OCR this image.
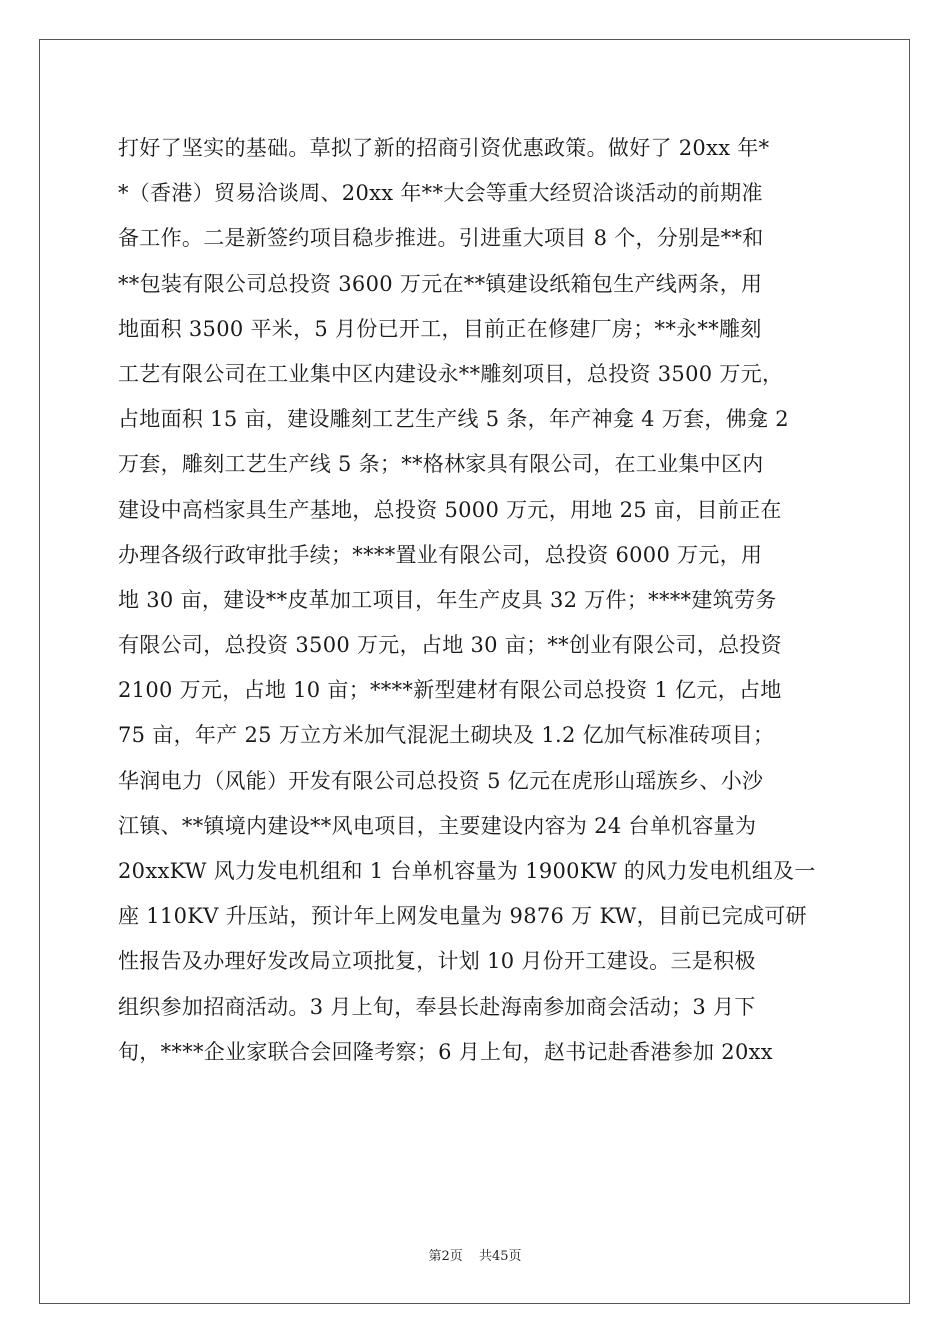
打好了坚实的基础。草拟了新的招商引资优惠政策。做好了 20xx 年*
*（香港）贸易洽谈周、20xx 年**大会等重大经贸洽谈活动的前期准
备工作。二是新签约项目稳步推进。引进重大项目 8 个，分别是**和
**包装有限公司总投资 3600 万元在**镇建设纸箱包生产线两条，用
地面积 3500 平米，5 月份已开工，目前正在修建厂房；**永**雕刻
工艺有限公司在工业集中区内建设永**雕刻项目，总投资 3500 万元，
占地面积 15 亩，建设雕刻工艺生产线 5 条，年产神龛 4 万套，佛龛 2
万套，雕刻工艺生产线 5 条；**格林家具有限公司，在工业集中区内
建设中高档家具生产基地，总投资 5000 万元，用地 25 亩，目前正在
办理各级行政审批手续；****置业有限公司，总投资 6000 万元，用
地 30 亩，建设**皮革加工项目，年生产皮具 32 万件；****建筑劳务
有限公司，总投资 3500 万元，占地 30 亩；**创业有限公司，总投资
2100 万元，占地 10 亩；****新型建材有限公司总投资 1 亿元，占地
75 亩，年产 25 万立方米加气混泥土砌块及 1.2 亿加气标准砖项目；
华润电力（风能）开发有限公司总投资 5 亿元在虎形山瑶族乡、小沙
江镇、**镇境内建设**风电项目，主要建设内容为 24 台单机容量为
20xxKW 风力发电机组和 1 台单机容量为 1900KW 的风力发电机组及一
座 110KV 升压站，预计年上网发电量为 9876 万 KW，目前已完成可研
性报告及办理好发改局立项批复，计划 10 月份开工建设。三是积极
组织参加招商活动。3 月上旬，奉县长赴海南参加商会活动；3 月下
旬，****企业家联合会回隆考察；6 月上旬，赵书记赴香港参加 20xx
第2页 共45页
